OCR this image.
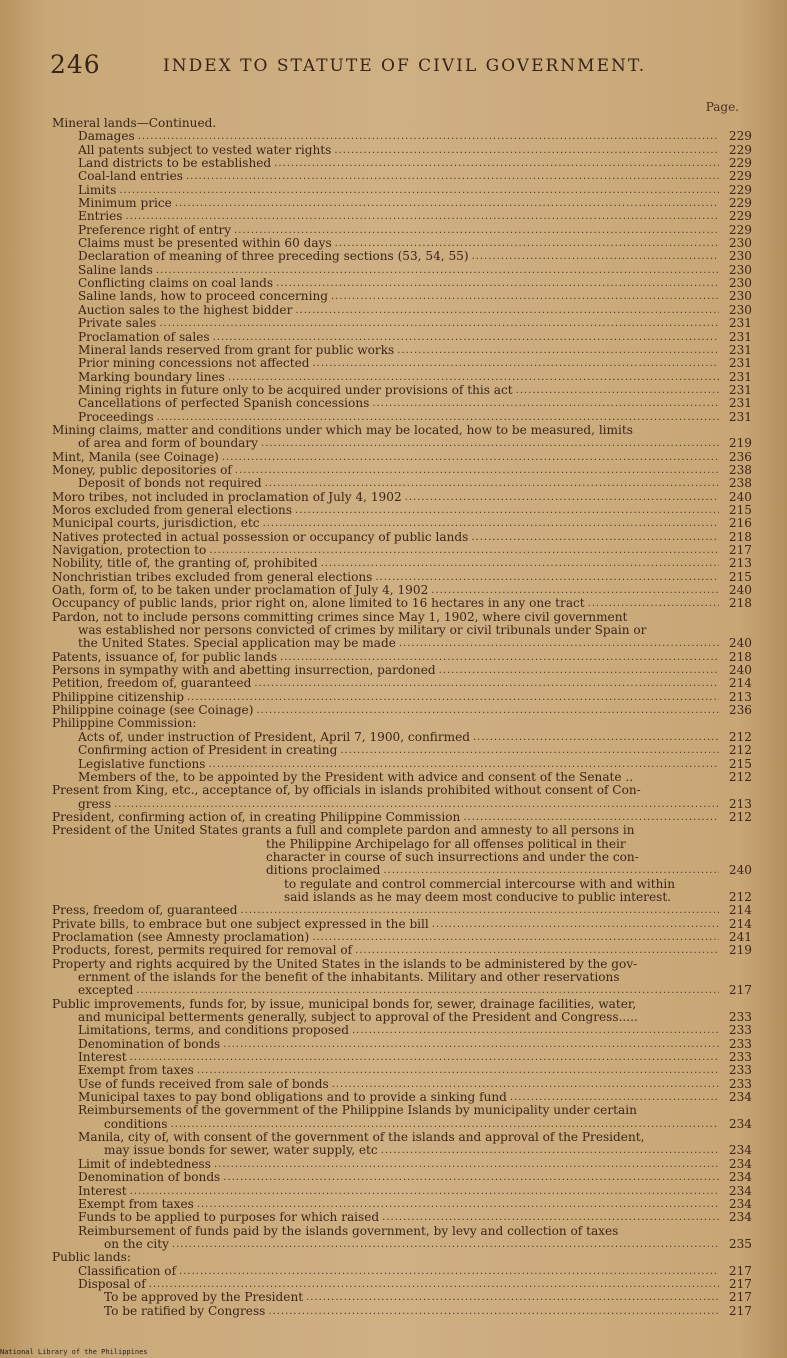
246	INDEX TO STATUTE OF CIVIL GOVERNMENT.
Page.
Mineral lands—Continued.
Damages .....	229
All patents subject to vested water rights .....	229
Land districts to be established .....	229
Coal-land entries .....	229
Limits .....	229
Minimum price .....	229
Entries .....	229
Preference right of entry .....	229
Claims must be presented within 60 days .....	230
Declaration of meaning of three preceding sections (53, 54, 55) .....	230
Saline lands .....	230
Conflicting claims on coal lands .....	230
Saline lands, how to proceed concerning .....	230
Auction sales to the highest bidder .....	230
Private sales .....	231
Proclamation of sales .....	231
Mineral lands reserved from grant for public works .....	231
Prior mining concessions not affected .....	231
Marking boundary lines .....	231
Mining rights in future only to be acquired under provisions of this act .....	231
Cancellations of perfected Spanish concessions .....	231
Proceedings .....	231
Mining claims, matter and conditions under which may be located, how to be measured, limits
of area and form of boundary .....	219
Mint, Manila (see Coinage) .....	236
Money, public depositories of .....	238
Deposit of bonds not required .....	238
Moro tribes, not included in proclamation of July 4, 1902 .....	240
Moros excluded from general elections .....	215
Municipal courts, jurisdiction, etc .....	216
Natives protected in actual possession or occupancy of public lands .....	218
Navigation, protection to .....	217
Nobility, title of, the granting of, prohibited .....	213
Nonchristian tribes excluded from general elections .....	215
Oath, form of, to be taken under proclamation of July 4, 1902 .....	240
Occupancy of public lands, prior right on, alone limited to 16 hectares in any one tract .....	218
Pardon, not to include persons committing crimes since May 1, 1902, where civil government
was established nor persons convicted of crimes by military or civil tribunals under Spain or
the United States. Special application may be made .....	240
Patents, issuance of, for public lands .....	218
Persons in sympathy with and abetting insurrection, pardoned .....	240
Petition, freedom of, guaranteed .....	214
Philippine citizenship .....	213
Philippine coinage (see Coinage) .....	236
Philippine Commission:
Acts of, under instruction of President, April 7, 1900, confirmed .....	212
Confirming action of President in creating .....	212
Legislative functions .....	215
Members of the, to be appointed by the President with advice and consent of the Senate ..	212
Present from King, etc., acceptance of, by officials in islands prohibited without consent of Con-
gress .....	213
President, confirming action of, in creating Philippine Commission .....	212
President of the United States grants a full and complete pardon and amnesty to all persons in
the Philippine Archipelago for all offenses political in their
character in course of such insurrections and under the con-
ditions proclaimed .....	240
to regulate and control commercial intercourse with and within
said islands as he may deem most conducive to public interest.	212
Press, freedom of, guaranteed .....	214
Private bills, to embrace but one subject expressed in the bill .....	214
Proclamation (see Amnesty proclamation) .....	241
Products, forest, permits required for removal of .....	219
Property and rights acquired by the United States in the islands to be administered by the gov-
ernment of the islands for the benefit of the inhabitants. Military and other reservations
excepted .....	217
Public improvements, funds for, by issue, municipal bonds for, sewer, drainage facilities, water,
and municipal betterments generally, subject to approval of the President and Congress.....	233
Limitations, terms, and conditions proposed .....	233
Denomination of bonds .....	233
Interest .....	233
Exempt from taxes .....	233
Use of funds received from sale of bonds .....	233
Municipal taxes to pay bond obligations and to provide a sinking fund .....	234
Reimbursements of the government of the Philippine Islands by municipality under certain
conditions .....	234
Manila, city of, with consent of the government of the islands and approval of the President,
may issue bonds for sewer, water supply, etc .....	234
Limit of indebtedness .....	234
Denomination of bonds .....	234
Interest .....	234
Exempt from taxes .....	234
Funds to be applied to purposes for which raised .....	234
Reimbursement of funds paid by the islands government, by levy and collection of taxes
on the city .....	235
Public lands:
Classification of .....	217
Disposal of .....	217
To be approved by the President .....	217
To be ratified by Congress .....	217
National Library of the Philippines
